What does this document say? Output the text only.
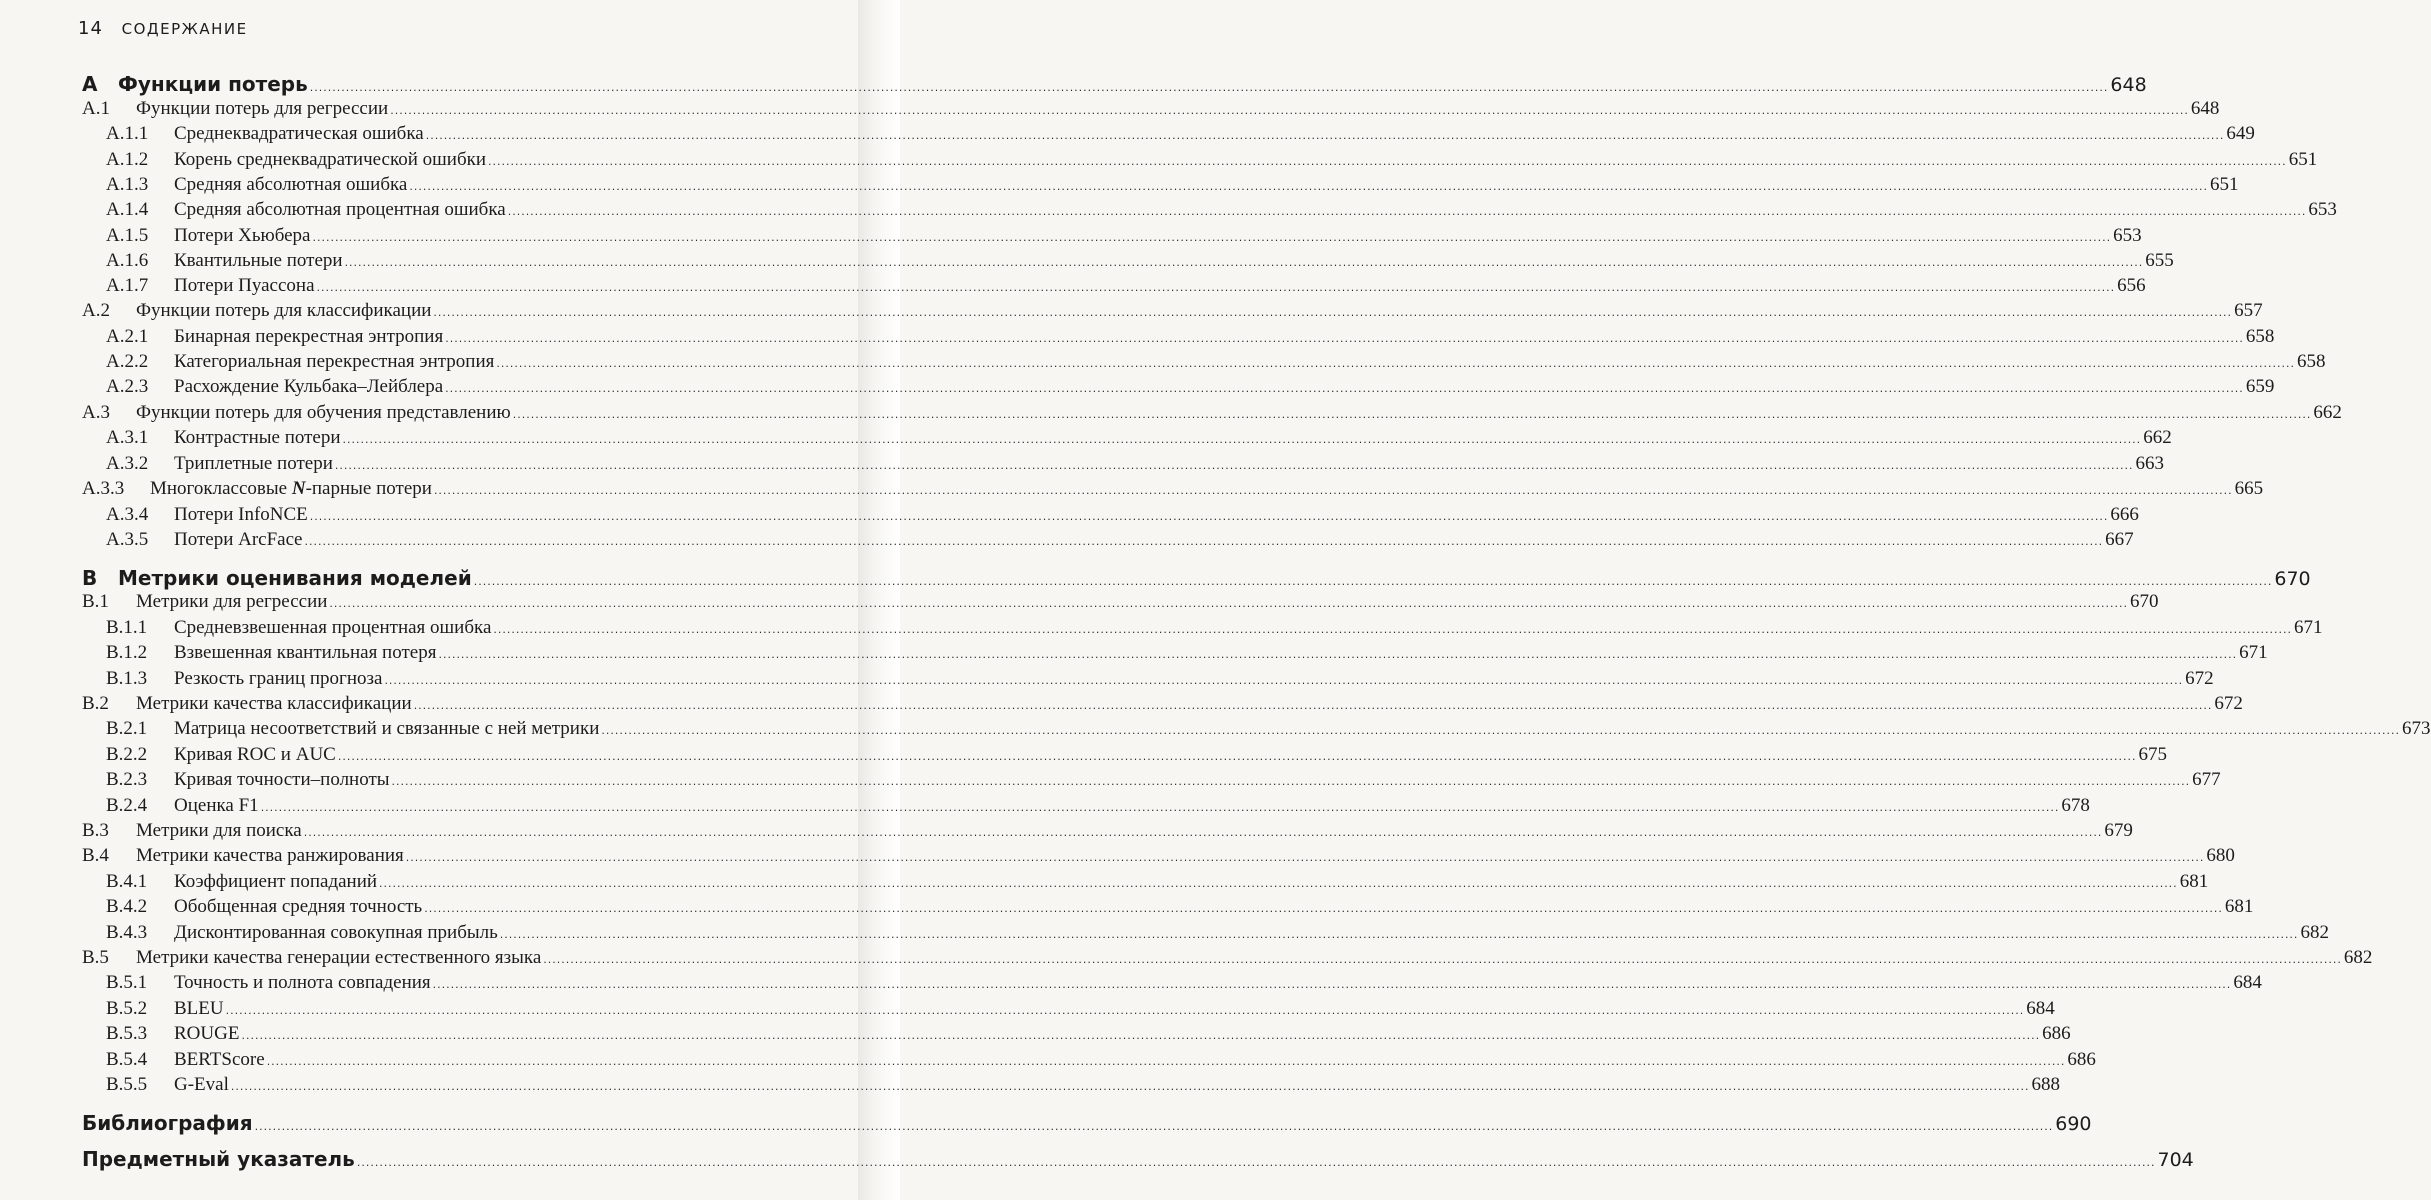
14 СОДЕРЖАНИЕ
A Функции потерь ................................................................................................................................................................................................................................................................................................................................................................................................................ 648
A.1 Функции потерь для регрессии ................................................................................................................................................................................................................................................................................................................................................................................................................ 648
A.1.1 Среднеквадратическая ошибка ................................................................................................................................................................................................................................................................................................................................................................................................................ 649
A.1.2 Корень среднеквадратической ошибки ................................................................................................................................................................................................................................................................................................................................................................................................................ 651
A.1.3 Средняя абсолютная ошибка ................................................................................................................................................................................................................................................................................................................................................................................................................ 651
A.1.4 Средняя абсолютная процентная ошибка ................................................................................................................................................................................................................................................................................................................................................................................................................ 653
A.1.5 Потери Хьюбера ................................................................................................................................................................................................................................................................................................................................................................................................................ 653
A.1.6 Квантильные потери ................................................................................................................................................................................................................................................................................................................................................................................................................ 655
A.1.7 Потери Пуассона ................................................................................................................................................................................................................................................................................................................................................................................................................ 656
A.2 Функции потерь для классификации ................................................................................................................................................................................................................................................................................................................................................................................................................ 657
A.2.1 Бинарная перекрестная энтропия ................................................................................................................................................................................................................................................................................................................................................................................................................ 658
A.2.2 Категориальная перекрестная энтропия ................................................................................................................................................................................................................................................................................................................................................................................................................ 658
A.2.3 Расхождение Кульбака–Лейблера ................................................................................................................................................................................................................................................................................................................................................................................................................ 659
A.3 Функции потерь для обучения представлению ................................................................................................................................................................................................................................................................................................................................................................................................................ 662
A.3.1 Контрастные потери ................................................................................................................................................................................................................................................................................................................................................................................................................ 662
A.3.2 Триплетные потери ................................................................................................................................................................................................................................................................................................................................................................................................................ 663
A.3.3 Многоклассовые N-парные потери ................................................................................................................................................................................................................................................................................................................................................................................................................ 665
A.3.4 Потери InfoNCE ................................................................................................................................................................................................................................................................................................................................................................................................................ 666
A.3.5 Потери ArcFace ................................................................................................................................................................................................................................................................................................................................................................................................................ 667
B Метрики оценивания моделей ................................................................................................................................................................................................................................................................................................................................................................................................................ 670
B.1 Метрики для регрессии ................................................................................................................................................................................................................................................................................................................................................................................................................ 670
B.1.1 Средневзвешенная процентная ошибка ................................................................................................................................................................................................................................................................................................................................................................................................................ 671
B.1.2 Взвешенная квантильная потеря ................................................................................................................................................................................................................................................................................................................................................................................................................ 671
B.1.3 Резкость границ прогноза ................................................................................................................................................................................................................................................................................................................................................................................................................ 672
B.2 Метрики качества классификации ................................................................................................................................................................................................................................................................................................................................................................................................................ 672
B.2.1 Матрица несоответствий и связанные с ней метрики ................................................................................................................................................................................................................................................................................................................................................................................................................ 673
B.2.2 Кривая ROC и AUC ................................................................................................................................................................................................................................................................................................................................................................................................................ 675
B.2.3 Кривая точности–полноты ................................................................................................................................................................................................................................................................................................................................................................................................................ 677
B.2.4 Оценка F1 ................................................................................................................................................................................................................................................................................................................................................................................................................ 678
B.3 Метрики для поиска ................................................................................................................................................................................................................................................................................................................................................................................................................ 679
B.4 Метрики качества ранжирования ................................................................................................................................................................................................................................................................................................................................................................................................................ 680
B.4.1 Коэффициент попаданий ................................................................................................................................................................................................................................................................................................................................................................................................................ 681
B.4.2 Обобщенная средняя точность ................................................................................................................................................................................................................................................................................................................................................................................................................ 681
B.4.3 Дисконтированная совокупная прибыль ................................................................................................................................................................................................................................................................................................................................................................................................................ 682
B.5 Метрики качества генерации естественного языка ................................................................................................................................................................................................................................................................................................................................................................................................................ 682
B.5.1 Точность и полнота совпадения ................................................................................................................................................................................................................................................................................................................................................................................................................ 684
B.5.2 BLEU ................................................................................................................................................................................................................................................................................................................................................................................................................ 684
B.5.3 ROUGE ................................................................................................................................................................................................................................................................................................................................................................................................................ 686
B.5.4 BERTScore ................................................................................................................................................................................................................................................................................................................................................................................................................ 686
B.5.5 G-Eval ................................................................................................................................................................................................................................................................................................................................................................................................................ 688
Библиография ................................................................................................................................................................................................................................................................................................................................................................................................................ 690
Предметный указатель ................................................................................................................................................................................................................................................................................................................................................................................................................ 704
